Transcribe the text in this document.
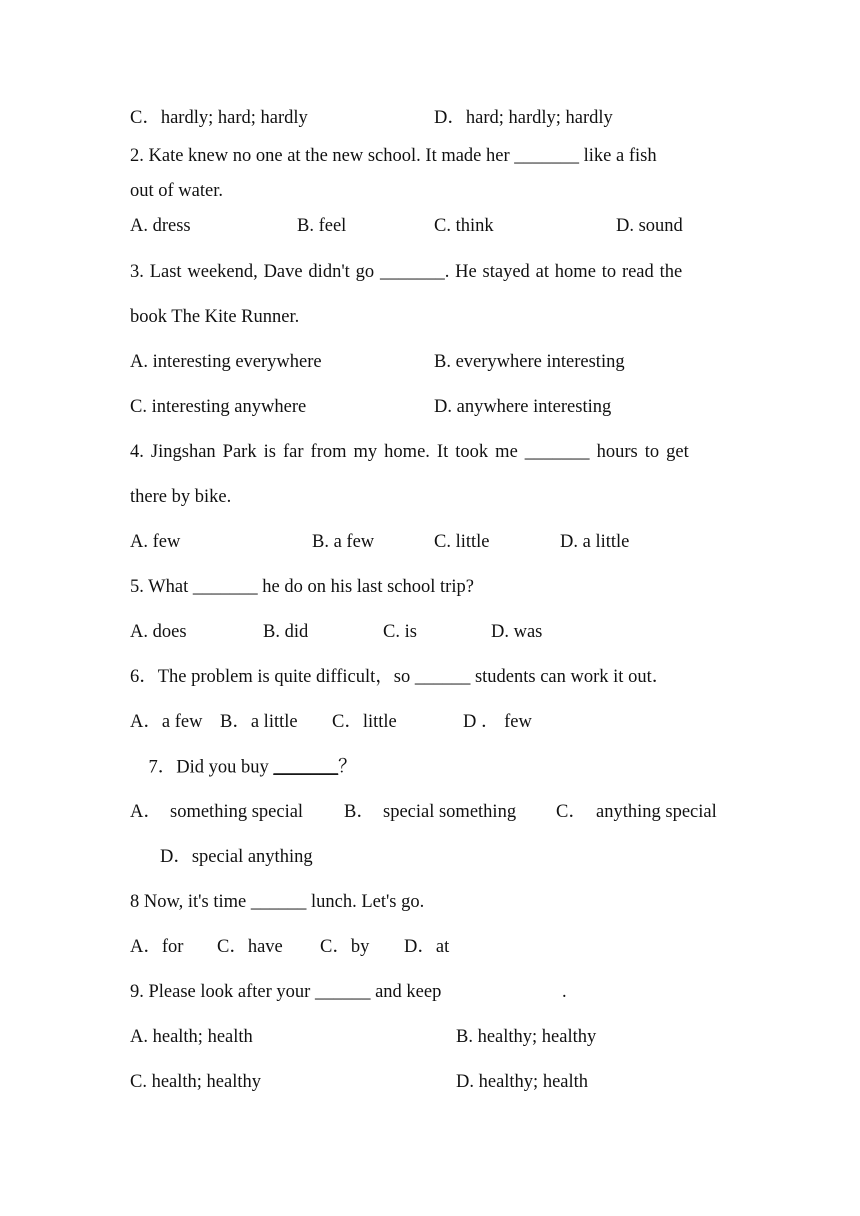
C．hardly; hard; hardly	D．hard; hardly; hardly
2. Kate knew no one at the new school. It made her _______ like a fish
out of water.
A. dress	B. feel	C. think	D. sound
3. Last weekend, Dave didn't go _______. He stayed at home to read the
book The Kite Runner.
A. interesting everywhere	B. everywhere interesting
C. interesting anywhere	D. anywhere interesting
4. Jingshan Park is far from my home. It took me _______ hours to get
there by bike.
A. few	B. a few	C. little	D. a little
5. What _______ he do on his last school trip?
A. does	B. did	C. is	D. was
6．The problem is quite difficult，so ______ students can work it out．
A．a few B．a little C．little	D ． few

7．Did you buy _______？

A． something special B． special something C． anything special
D．special anything
8 Now, it's time ______ lunch. Let's go.
A．for C．have C．by D．at
9. Please look after your ______ and keep	.
A. health; health	B. healthy; healthy
C. health; healthy	D. healthy; health
